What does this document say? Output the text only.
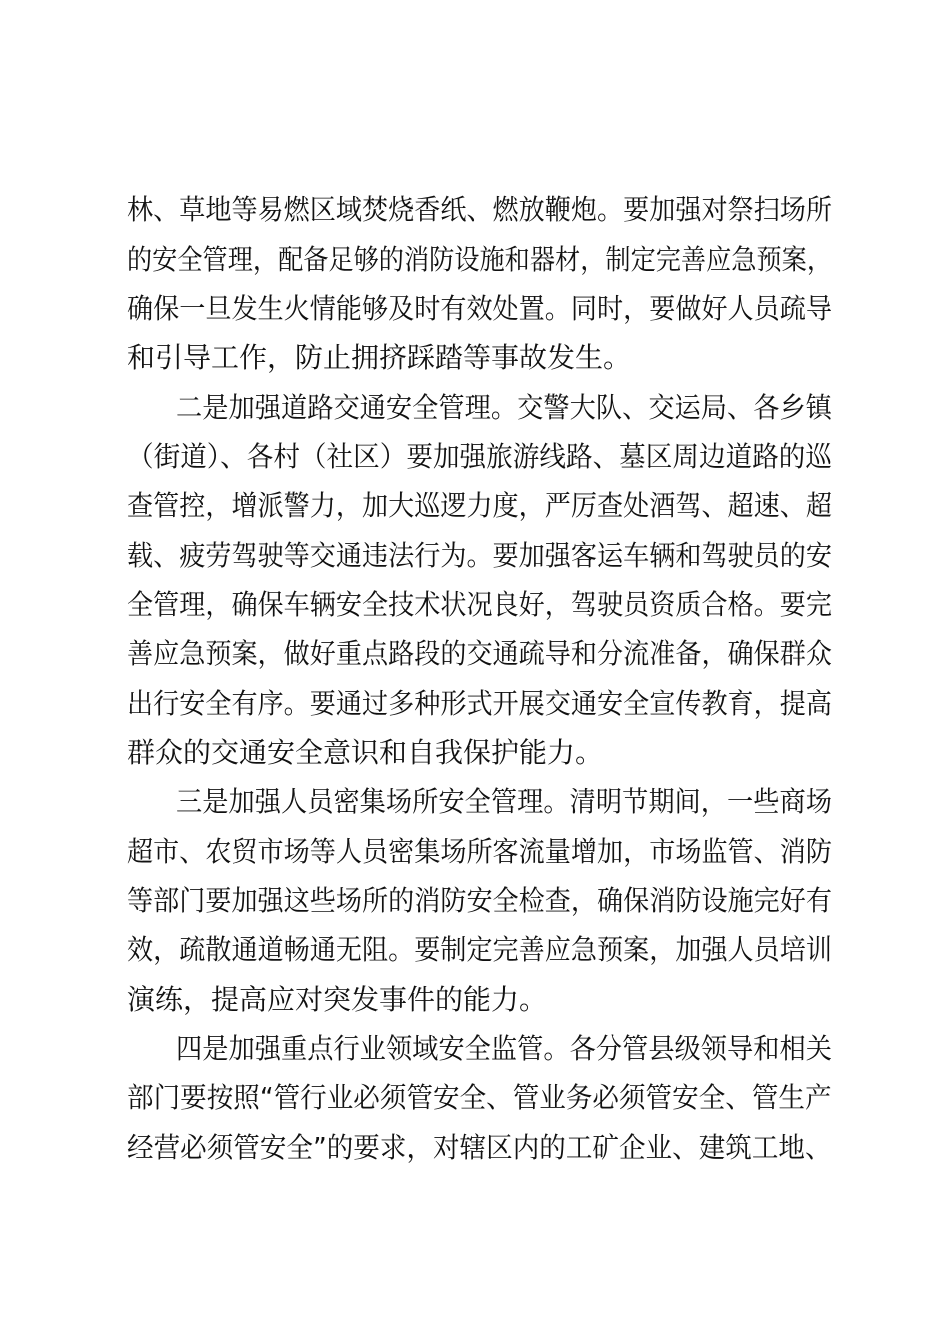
林、草地等易燃区域焚烧香纸、燃放鞭炮。要加强对祭扫场所
的安全管理，配备足够的消防设施和器材，制定完善应急预案，
确保一旦发生火情能够及时有效处置。同时，要做好人员疏导
和引导工作，防止拥挤踩踏等事故发生。
二是加强道路交通安全管理。交警大队、交运局、各乡镇
（街道）、各村（社区）要加强旅游线路、墓区周边道路的巡
查管控，增派警力，加大巡逻力度，严厉查处酒驾、超速、超
载、疲劳驾驶等交通违法行为。要加强客运车辆和驾驶员的安
全管理，确保车辆安全技术状况良好，驾驶员资质合格。要完
善应急预案，做好重点路段的交通疏导和分流准备，确保群众
出行安全有序。要通过多种形式开展交通安全宣传教育，提高
群众的交通安全意识和自我保护能力。
三是加强人员密集场所安全管理。清明节期间，一些商场
超市、农贸市场等人员密集场所客流量增加，市场监管、消防
等部门要加强这些场所的消防安全检查，确保消防设施完好有
效，疏散通道畅通无阻。要制定完善应急预案，加强人员培训
演练，提高应对突发事件的能力。
四是加强重点行业领域安全监管。各分管县级领导和相关
部门要按照“管行业必须管安全、管业务必须管安全、管生产
经营必须管安全”的要求，对辖区内的工矿企业、建筑工地、
